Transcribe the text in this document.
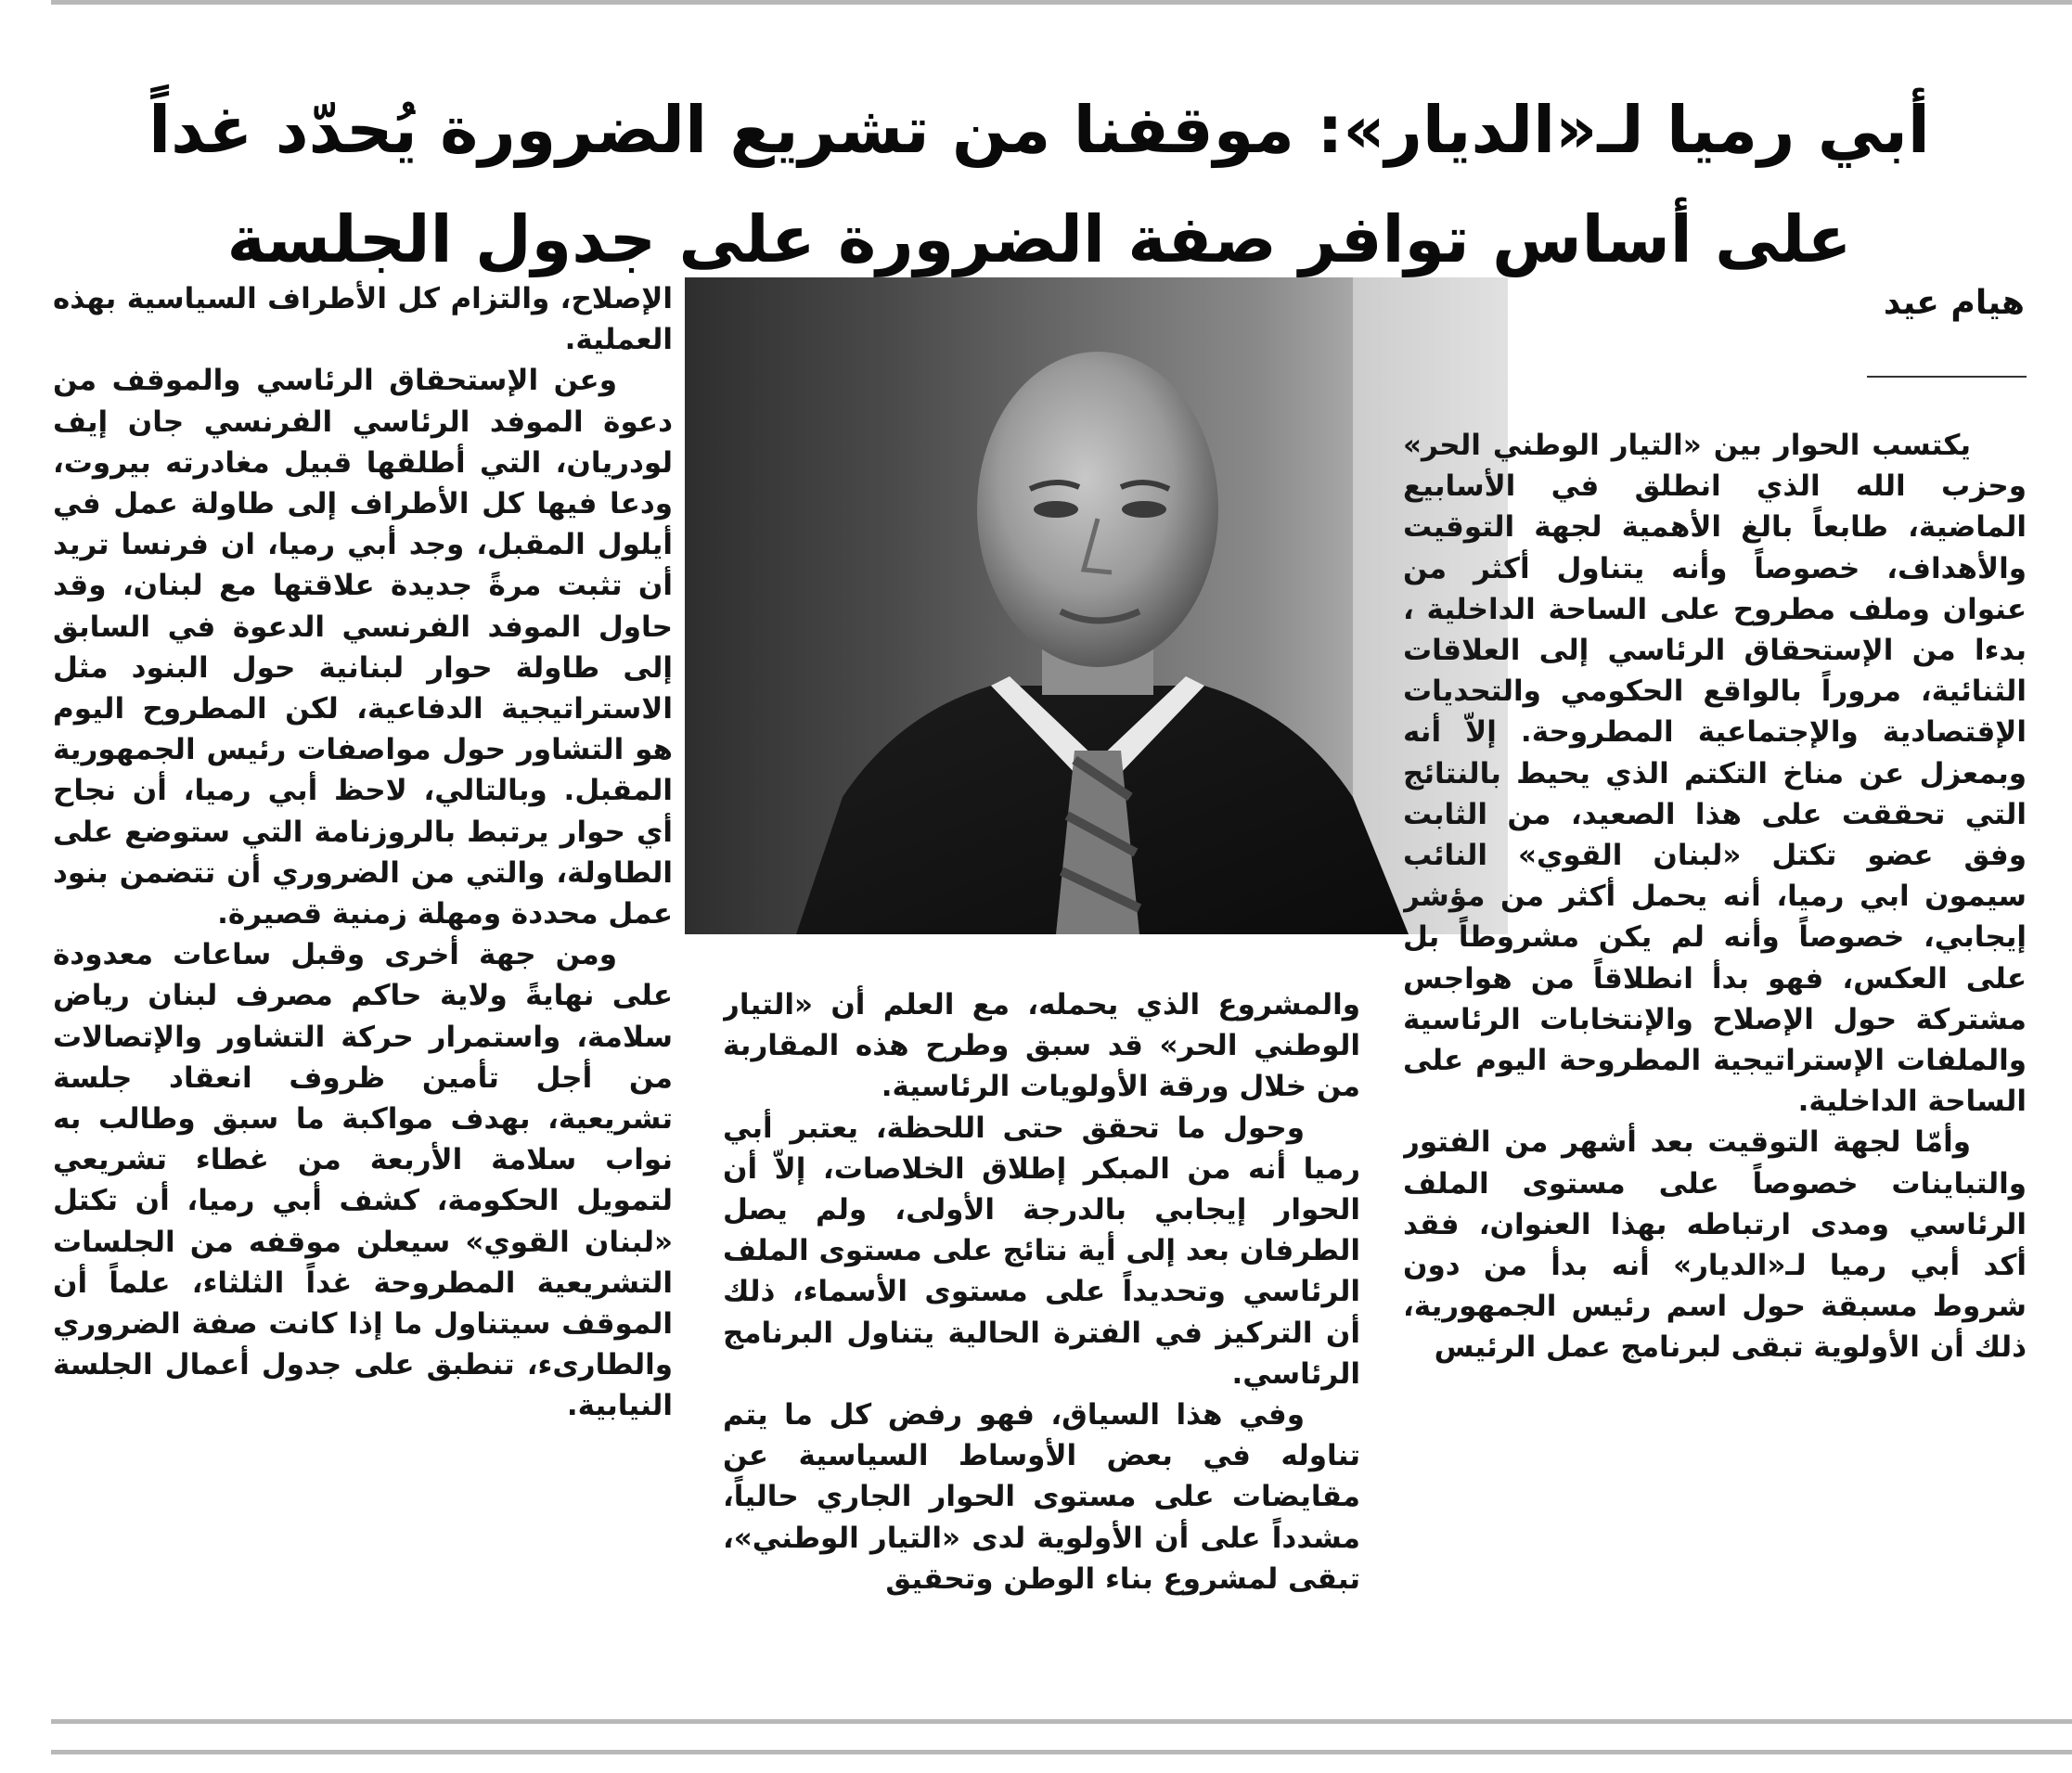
أبي رميا لـ«الديار»: موقفنا من تشريع الضرورة يُحدّد غداً
على أساس توافر صفة الضرورة على جدول الجلسة
هيام عيد

يكتسب الحوار بين «التيار الوطني الحر» وحزب الله الذي انطلق في الأسابيع الماضية، طابعاً بالغ الأهمية لجهة التوقيت والأهداف، خصوصاً وأنه يتناول أكثر من عنوان وملف مطروح على الساحة الداخلية ، بدءا من الإستحقاق الرئاسي إلى العلاقات الثنائية، مروراً بالواقع الحكومي والتحديات الإقتصادية والإجتماعية المطروحة. إلاّ أنه وبمعزل عن مناخ التكتم الذي يحيط بالنتائج التي تحققت على هذا الصعيد، من الثابت وفق عضو تكتل «لبنان القوي» النائب سيمون ابي رميا، أنه يحمل أكثر من مؤشر إيجابي، خصوصاً وأنه لم يكن مشروطاً بل على العكس، فهو بدأ انطلاقاً من هواجس مشتركة حول الإصلاح والإنتخابات الرئاسية والملفات الإستراتيجية المطروحة اليوم على الساحة الداخلية.

وأمّا لجهة التوقيت بعد أشهر من الفتور والتباينات خصوصاً على مستوى الملف الرئاسي ومدى ارتباطه بهذا العنوان، فقد أكد أبي رميا لـ«الديار» أنه بدأ من دون شروط مسبقة حول اسم رئيس الجمهورية، ذلك أن الأولوية تبقى لبرنامج عمل الرئيس

والمشروع الذي يحمله، مع العلم أن «التيار الوطني الحر» قد سبق وطرح هذه المقاربة من خلال ورقة الأولويات الرئاسية.

وحول ما تحقق حتى اللحظة، يعتبر أبي رميا أنه من المبكر إطلاق الخلاصات، إلاّ أن الحوار إيجابي بالدرجة الأولى، ولم يصل الطرفان بعد إلى أية نتائج على مستوى الملف الرئاسي وتحديداً على مستوى الأسماء، ذلك أن التركيز في الفترة الحالية يتناول البرنامج الرئاسي.

وفي هذا السياق، فهو رفض كل ما يتم تناوله في بعض الأوساط السياسية عن مقايضات على مستوى الحوار الجاري حالياً، مشدداً على أن الأولوية لدى «التيار الوطني»، تبقى لمشروع بناء الوطن وتحقيق

الإصلاح، والتزام كل الأطراف السياسية بهذه العملية.

وعن الإستحقاق الرئاسي والموقف من دعوة الموفد الرئاسي الفرنسي جان إيف لودريان، التي أطلقها قبيل مغادرته بيروت، ودعا فيها كل الأطراف إلى طاولة عمل في أيلول المقبل، وجد أبي رميا، ان فرنسا تريد أن تثبت مرةً جديدة علاقتها مع لبنان، وقد حاول الموفد الفرنسي الدعوة في السابق إلى طاولة حوار لبنانية حول البنود مثل الاستراتيجية الدفاعية، لكن المطروح اليوم هو التشاور حول مواصفات رئيس الجمهورية المقبل. وبالتالي، لاحظ أبي رميا، أن نجاح أي حوار يرتبط بالروزنامة التي ستوضع على الطاولة، والتي من الضروري أن تتضمن بنود عمل محددة ومهلة زمنية قصيرة.

ومن جهة أخرى وقبل ساعات معدودة على نهايةً ولاية حاكم مصرف لبنان رياض سلامة، واستمرار حركة التشاور والإتصالات من أجل تأمين ظروف انعقاد جلسة تشريعية، بهدف مواكبة ما سبق وطالب به نواب سلامة الأربعة من غطاء تشريعي لتمويل الحكومة، كشف أبي رميا، أن تكتل «لبنان القوي» سيعلن موقفه من الجلسات التشريعية المطروحة غداً الثلثاء، علماً أن الموقف سيتناول ما إذا كانت صفة الضروري والطارىء، تنطبق على جدول أعمال الجلسة النيابية.
